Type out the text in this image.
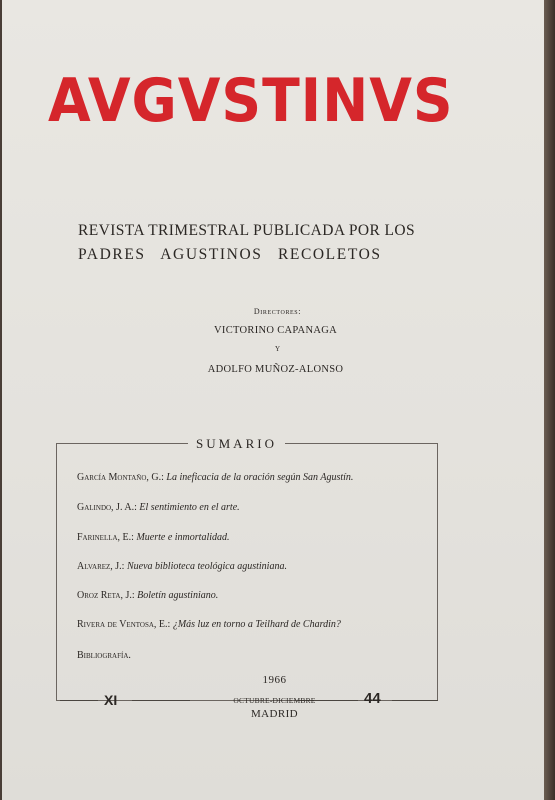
AVGVSTINVS
REVISTA TRIMESTRAL PUBLICADA POR LOS
PADRES AGUSTINOS RECOLETOS
Directores:
VICTORINO CAPANAGA
Y
ADOLFO MUÑOZ-ALONSO
SUMARIO
García Montaño, G.: La ineficacia de la oración según San Agustín.
Galindo, J. A.: El sentimiento en el arte.
Farinella, E.: Muerte e inmortalidad.
Alvarez, J.: Nueva biblioteca teológica agustiniana.
Oroz Reta, J.: Boletín agustiniano.
Rivera de Ventosa, E.: ¿Más luz en torno a Teilhard de Chardin?
Bibliografía.
XI
1966
OCTUBRE-DICIEMBRE
MADRID
44
